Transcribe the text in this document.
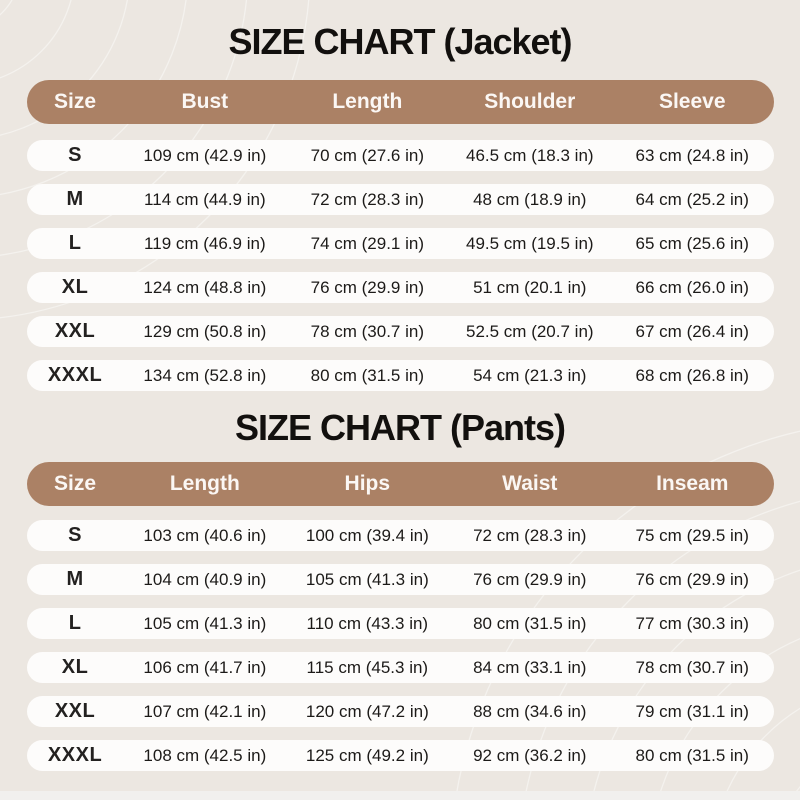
SIZE CHART (Jacket)
Size	Bust	Length	Shoulder	Sleeve
S	109 cm (42.9 in)	70 cm (27.6 in)	46.5 cm (18.3 in)	63 cm (24.8 in)
M	114 cm (44.9 in)	72 cm (28.3 in)	48 cm (18.9 in)	64 cm (25.2 in)
L	119 cm (46.9 in)	74 cm (29.1 in)	49.5 cm (19.5 in)	65 cm (25.6 in)
XL	124 cm (48.8 in)	76 cm (29.9 in)	51 cm (20.1 in)	66 cm (26.0 in)
XXL	129 cm (50.8 in)	78 cm (30.7 in)	52.5 cm (20.7 in)	67 cm (26.4 in)
XXXL	134 cm (52.8 in)	80 cm (31.5 in)	54 cm (21.3 in)	68 cm (26.8 in)
SIZE CHART (Pants)
Size	Length	Hips	Waist	Inseam
S	103 cm (40.6 in)	100 cm (39.4 in)	72 cm (28.3 in)	75 cm (29.5 in)
M	104 cm (40.9 in)	105 cm (41.3 in)	76 cm (29.9 in)	76 cm (29.9 in)
L	105 cm (41.3 in)	110 cm (43.3 in)	80 cm (31.5 in)	77 cm (30.3 in)
XL	106 cm (41.7 in)	115 cm (45.3 in)	84 cm (33.1 in)	78 cm (30.7 in)
XXL	107 cm (42.1 in)	120 cm (47.2 in)	88 cm (34.6 in)	79 cm (31.1 in)
XXXL	108 cm (42.5 in)	125 cm (49.2 in)	92 cm (36.2 in)	80 cm (31.5 in)
